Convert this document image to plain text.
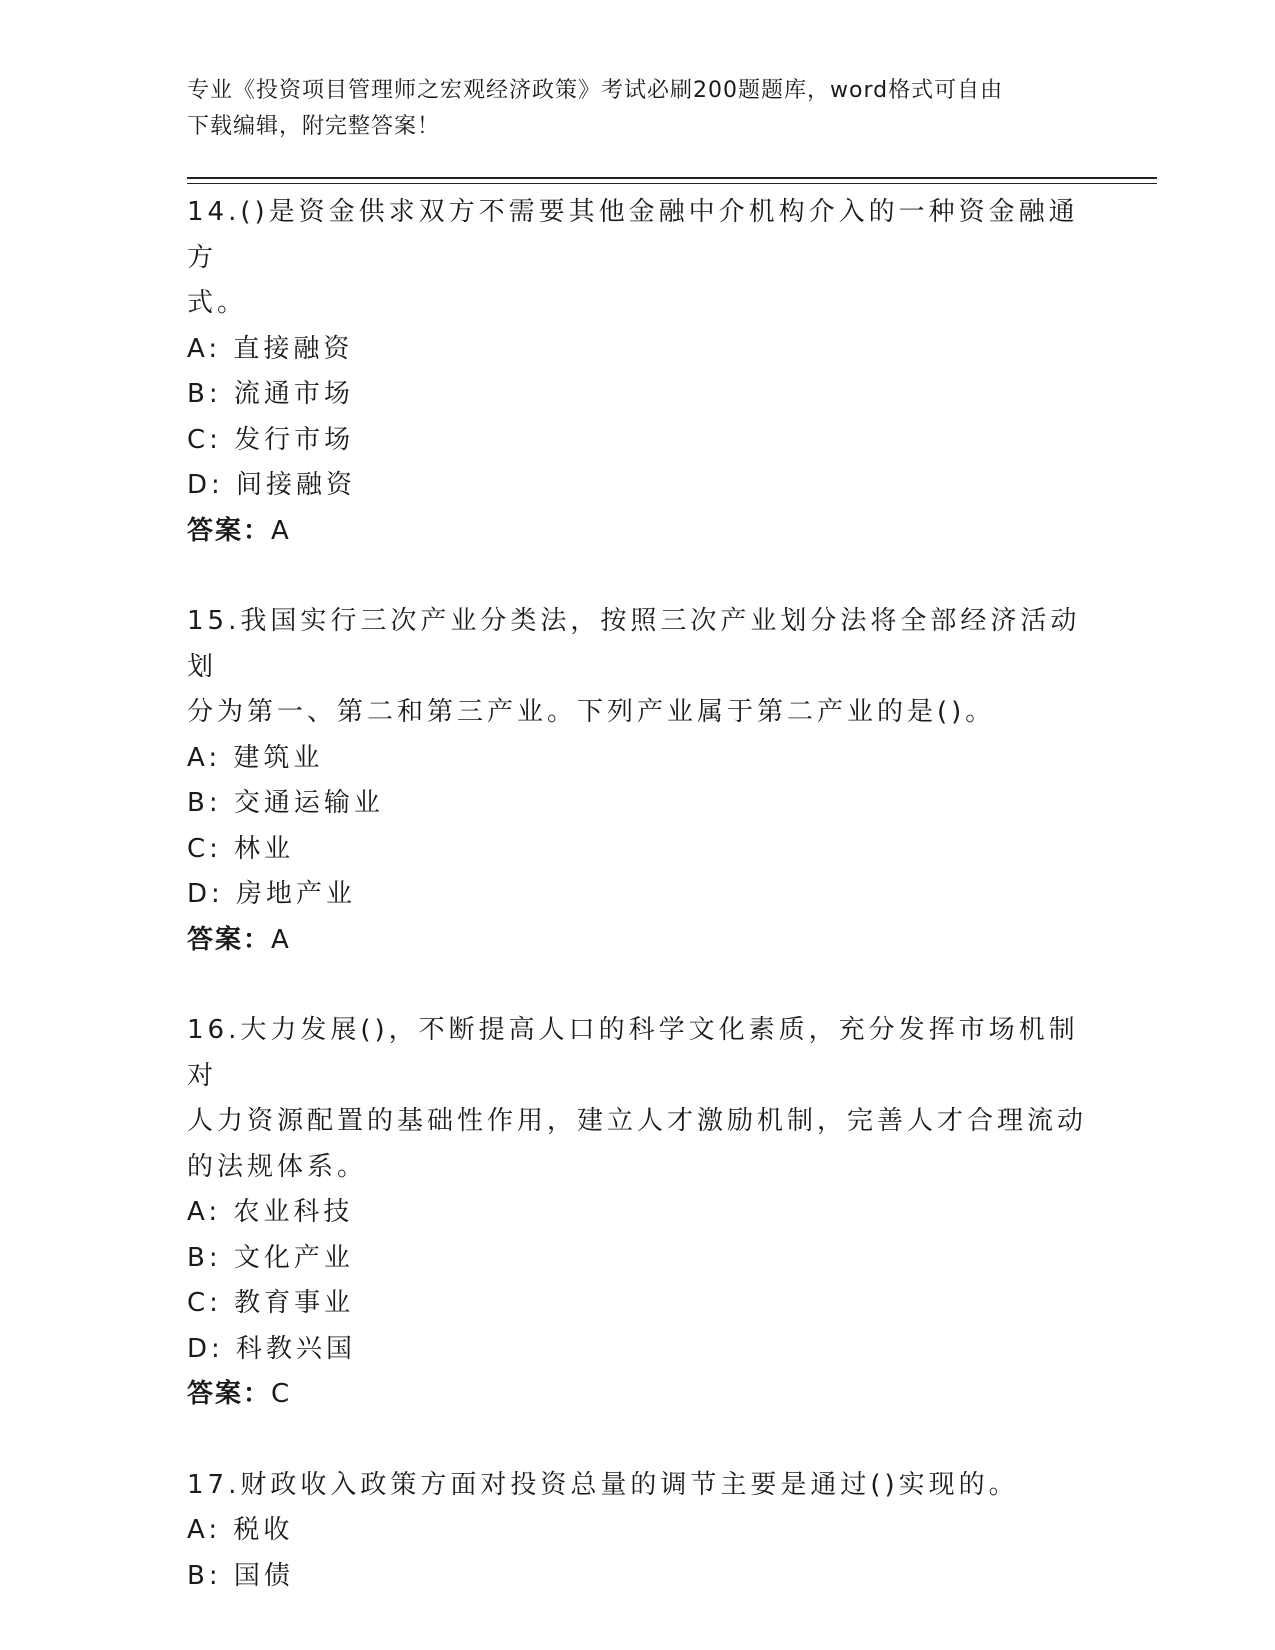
专业《投资项目管理师之宏观经济政策》考试必刷200题题库，word格式可自由
下载编辑，附完整答案！

14.()是资金供求双方不需要其他金融中介机构介入的一种资金融通方

式。

A: 直接融资

B: 流通市场

C: 发行市场

D: 间接融资

答案：A

15.我国实行三次产业分类法，按照三次产业划分法将全部经济活动划

分为第一、第二和第三产业。下列产业属于第二产业的是()。

A: 建筑业

B: 交通运输业

C: 林业

D: 房地产业

答案：A

16.大力发展()，不断提高人口的科学文化素质，充分发挥市场机制对

人力资源配置的基础性作用，建立人才激励机制，完善人才合理流动

的法规体系。

A: 农业科技

B: 文化产业

C: 教育事业

D: 科教兴国

答案：C

17.财政收入政策方面对投资总量的调节主要是通过()实现的。

A: 税收

B: 国债
